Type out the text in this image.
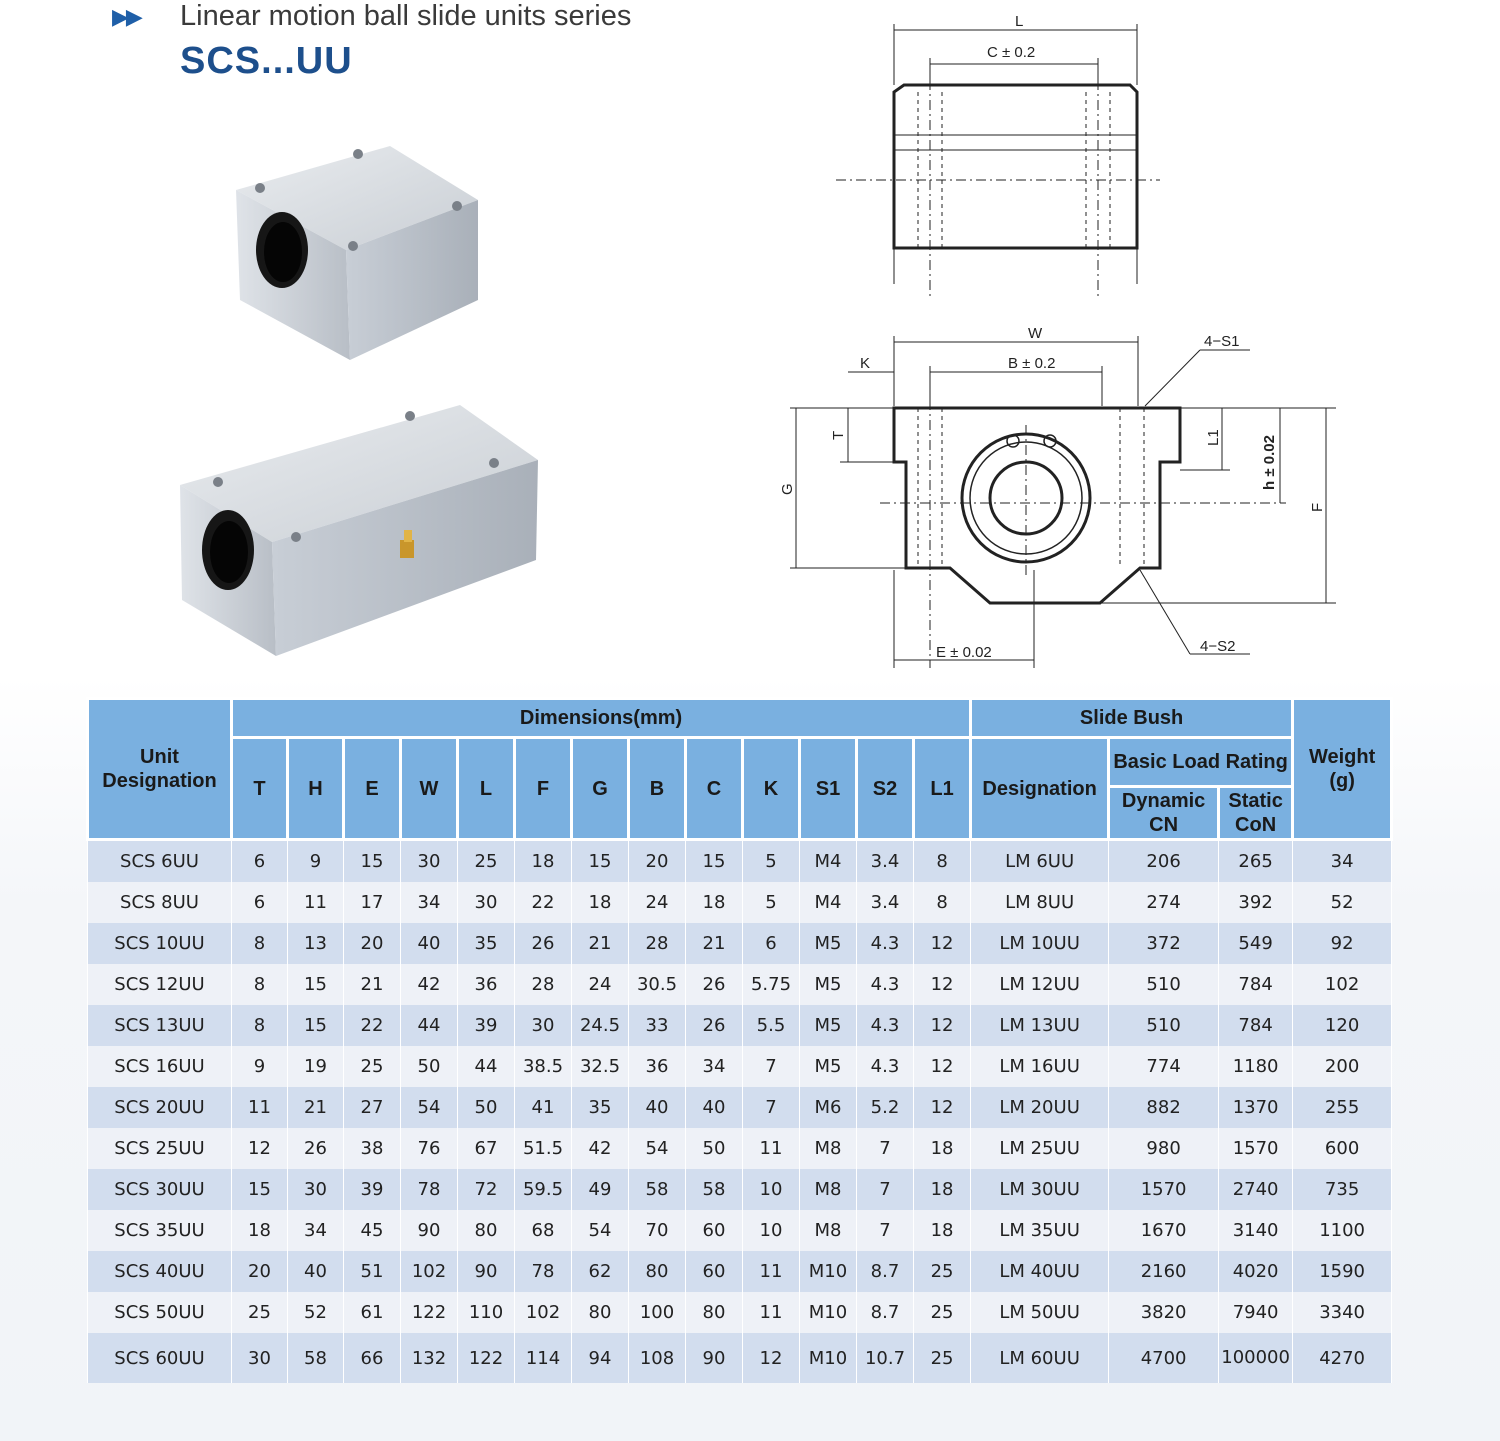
▶▶ Linear motion ball slide units series
SCS...UU
L
C ± 0.2
W
K	B ± 0.2
4−S1
T	L1	h ± 0.02
G
F
E ± 0.02	4−S2
Unit Designation	Dimensions(mm)													Slide Bush			Weight (g)
	T	H	E	W	L	F	G	B	C	K	S1	S2	L1	Designation	Basic Load Rating		
															Dynamic CN	Static CoN	
SCS 6UU	6	9	15	30	25	18	15	20	15	5	M4	3.4	8	LM 6UU	206	265	34
SCS 8UU	6	11	17	34	30	22	18	24	18	5	M4	3.4	8	LM 8UU	274	392	52
SCS 10UU	8	13	20	40	35	26	21	28	21	6	M5	4.3	12	LM 10UU	372	549	92
SCS 12UU	8	15	21	42	36	28	24	30.5	26	5.75	M5	4.3	12	LM 12UU	510	784	102
SCS 13UU	8	15	22	44	39	30	24.5	33	26	5.5	M5	4.3	12	LM 13UU	510	784	120
SCS 16UU	9	19	25	50	44	38.5	32.5	36	34	7	M5	4.3	12	LM 16UU	774	1180	200
SCS 20UU	11	21	27	54	50	41	35	40	40	7	M6	5.2	12	LM 20UU	882	1370	255
SCS 25UU	12	26	38	76	67	51.5	42	54	50	11	M8	7	18	LM 25UU	980	1570	600
SCS 30UU	15	30	39	78	72	59.5	49	58	58	10	M8	7	18	LM 30UU	1570	2740	735
SCS 35UU	18	34	45	90	80	68	54	70	60	10	M8	7	18	LM 35UU	1670	3140	1100
SCS 40UU	20	40	51	102	90	78	62	80	60	11	M10	8.7	25	LM 40UU	2160	4020	1590
SCS 50UU	25	52	61	122	110	102	80	100	80	11	M10	8.7	25	LM 50UU	3820	7940	3340
SCS 60UU	30	58	66	132	122	114	94	108	90	12	M10	10.7	25	LM 60UU	4700	100000	4270
